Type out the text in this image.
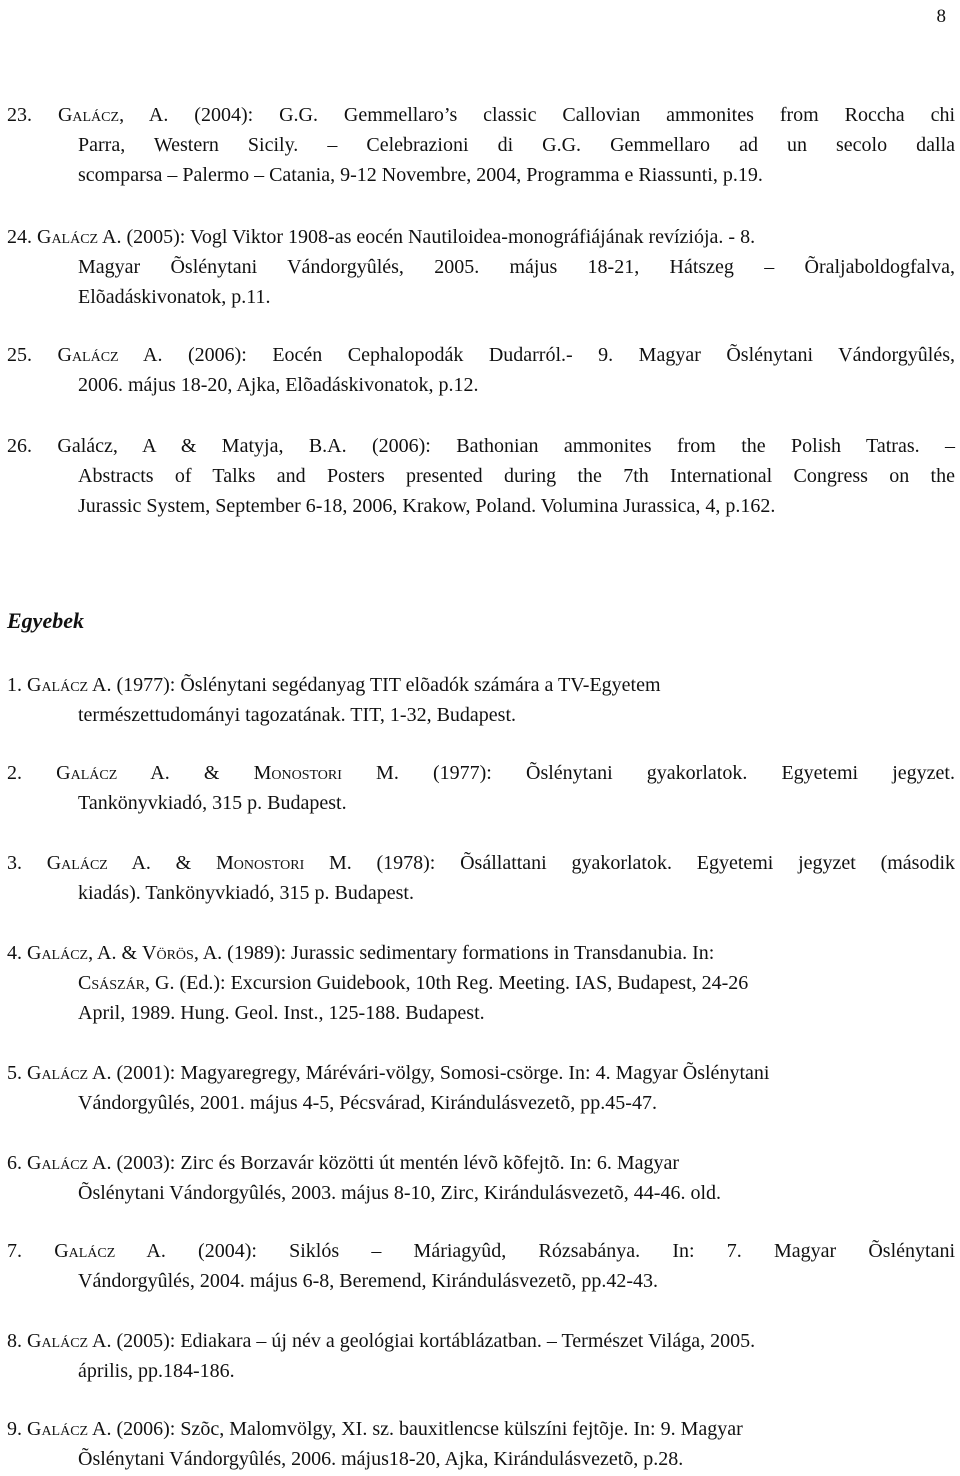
8
23. Galácz, A. (2004): G.G. Gemmellaro’s classic Callovian ammonites from Roccha chi
Parra, Western Sicily. – Celebrazioni di G.G. Gemmellaro ad un secolo dalla
scomparsa – Palermo – Catania, 9-12 Novembre, 2004, Programma e Riassunti, p.19.
24. Galácz A. (2005): Vogl Viktor 1908-as eocén Nautiloidea-monográfiájának revíziója. - 8.
Magyar Õslénytani Vándorgyûlés, 2005. május 18-21, Hátszeg – Õraljaboldogfalva,
Elõadáskivonatok, p.11.
25. Galácz A. (2006): Eocén Cephalopodák Dudarról.- 9. Magyar Õslénytani Vándorgyûlés,
2006. május 18-20, Ajka, Elõadáskivonatok, p.12.
26. Galácz, A & Matyja, B.A. (2006): Bathonian ammonites from the Polish Tatras. –
Abstracts of Talks and Posters presented during the 7th International Congress on the
Jurassic System, September 6-18, 2006, Krakow, Poland. Volumina Jurassica, 4, p.162.
Egyebek
1. Galácz A. (1977): Õslénytani segédanyag TIT elõadók számára a TV-Egyetem
természettudományi tagozatának. TIT, 1-32, Budapest.
2. Galácz A. & Monostori M. (1977): Õslénytani gyakorlatok. Egyetemi jegyzet.
Tankönyvkiadó, 315 p. Budapest.
3. Galácz A. & Monostori M. (1978): Õsállattani gyakorlatok. Egyetemi jegyzet (második
kiadás). Tankönyvkiadó, 315 p. Budapest.
4. Galácz, A. & Vörös, A. (1989): Jurassic sedimentary formations in Transdanubia. In:
Császár, G. (Ed.): Excursion Guidebook, 10th Reg. Meeting. IAS, Budapest, 24-26
April, 1989. Hung. Geol. Inst., 125-188. Budapest.
5. Galácz A. (2001): Magyaregregy, Márévári-völgy, Somosi-csörge. In: 4. Magyar Õslénytani
Vándorgyûlés, 2001. május 4-5, Pécsvárad, Kirándulásvezetõ, pp.45-47.
6. Galácz A. (2003): Zirc és Borzavár közötti út mentén lévõ kõfejtõ. In: 6. Magyar
Õslénytani Vándorgyûlés, 2003. május 8-10, Zirc, Kirándulásvezetõ, 44-46. old.
7. Galácz A. (2004): Siklós – Máriagyûd, Rózsabánya. In: 7. Magyar Õslénytani
Vándorgyûlés, 2004. május 6-8, Beremend, Kirándulásvezetõ, pp.42-43.
8. Galácz A. (2005): Ediakara – új név a geológiai kortáblázatban. – Természet Világa, 2005.
április, pp.184-186.
9. Galácz A. (2006): Szõc, Malomvölgy, XI. sz. bauxitlencse külszíni fejtõje. In: 9. Magyar
Õslénytani Vándorgyûlés, 2006. május18-20, Ajka, Kirándulásvezetõ, p.28.
